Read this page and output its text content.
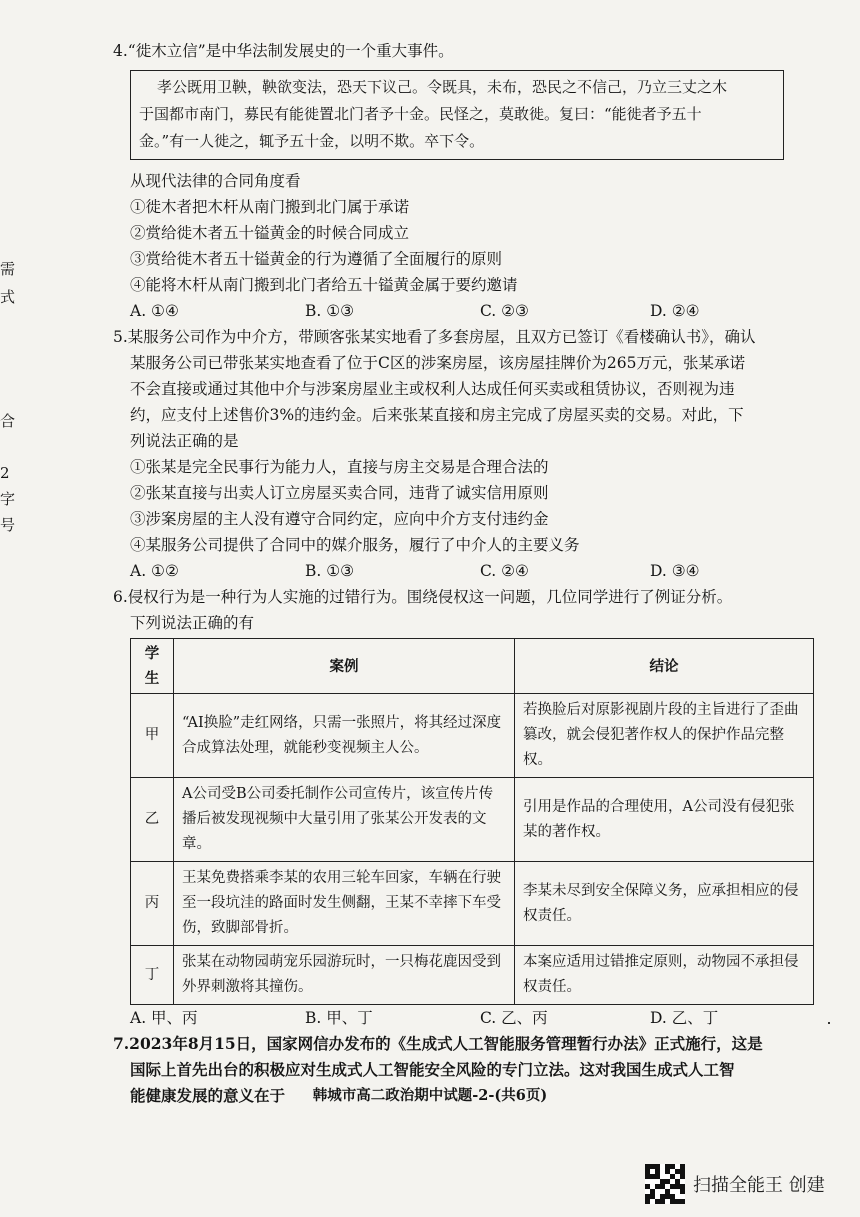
需
式
合
2
字
号
4.“徙木立信”是中华法制发展史的一个重大事件。
孝公既用卫鞅，鞅欲变法，恐天下议己。令既具，未布，恐民之不信己，乃立三丈之木
于国都市南门，募民有能徙置北门者予十金。民怪之，莫敢徙。复曰：“能徙者予五十
金。”有一人徙之，辄予五十金，以明不欺。卒下令。
从现代法律的合同角度看
①徙木者把木杆从南门搬到北门属于承诺
②赏给徙木者五十镒黄金的时候合同成立
③赏给徙木者五十镒黄金的行为遵循了全面履行的原则
④能将木杆从南门搬到北门者给五十镒黄金属于要约邀请
A. ①④	B. ①③	C. ②③	D. ②④
5.某服务公司作为中介方，带顾客张某实地看了多套房屋，且双方已签订《看楼确认书》，确认
某服务公司已带张某实地查看了位于C区的涉案房屋，该房屋挂牌价为265万元，张某承诺
不会直接或通过其他中介与涉案房屋业主或权利人达成任何买卖或租赁协议，否则视为违
约，应支付上述售价3%的违约金。后来张某直接和房主完成了房屋买卖的交易。对此，下
列说法正确的是
①张某是完全民事行为能力人，直接与房主交易是合理合法的
②张某直接与出卖人订立房屋买卖合同，违背了诚实信用原则
③涉案房屋的主人没有遵守合同约定，应向中介方支付违约金
④某服务公司提供了合同中的媒介服务，履行了中介人的主要义务
A. ①②	B. ①③	C. ②④	D. ③④
6.侵权行为是一种行为人实施的过错行为。围绕侵权这一问题，几位同学进行了例证分析。
下列说法正确的有
学生	案例	结论
甲	“AI换脸”走红网络，只需一张照片，将其经过深度合成算法处理，就能秒变视频主人公。	若换脸后对原影视剧片段的主旨进行了歪曲篡改，就会侵犯著作权人的保护作品完整权。
乙	A公司受B公司委托制作公司宣传片，该宣传片传播后被发现视频中大量引用了张某公开发表的文章。	引用是作品的合理使用，A公司没有侵犯张某的著作权。
丙	王某免费搭乘李某的农用三轮车回家，车辆在行驶至一段坑洼的路面时发生侧翻，王某不幸摔下车受伤，致脚部骨折。	李某未尽到安全保障义务，应承担相应的侵权责任。
丁	张某在动物园萌宠乐园游玩时，一只梅花鹿因受到外界刺激将其撞伤。	本案应适用过错推定原则，动物园不承担侵权责任。
A. 甲、丙	B. 甲、丁	C. 乙、丙	D. 乙、丁
7.2023年8月15日，国家网信办发布的《生成式人工智能服务管理暂行办法》正式施行，这是
国际上首先出台的积极应对生成式人工智能安全风险的专门立法。这对我国生成式人工智
能健康发展的意义在于	韩城市高二政治期中试题-2-(共6页)
扫描全能王 创建
